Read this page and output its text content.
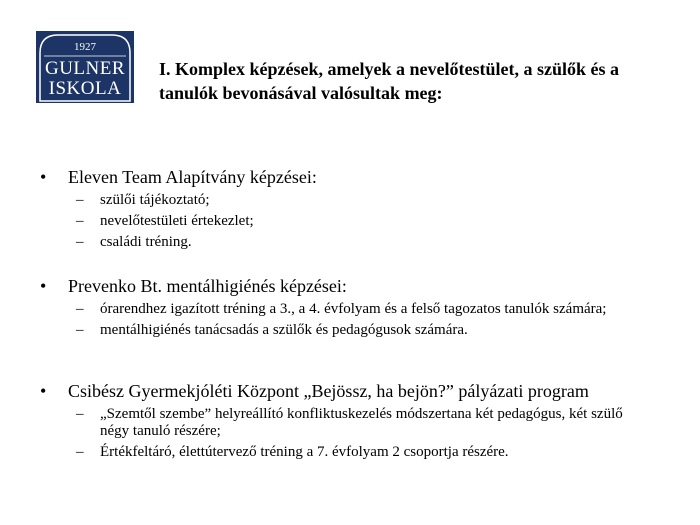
1927
GULNER
ISKOLA
I. Komplex képzések, amelyek a nevelőtestület, a szülők és a tanulók bevonásával valósultak meg:
• Eleven Team Alapítvány képzései:
– szülői tájékoztató;
– nevelőtestületi értekezlet;
– családi tréning.
• Prevenko Bt. mentálhigiénés képzései:
– órarendhez igazított tréning a 3., a 4. évfolyam és a felső tagozatos tanulók számára;
– mentálhigiénés tanácsadás a szülők és pedagógusok számára.
• Csibész Gyermekjóléti Központ „Bejössz, ha bejön?” pályázati program
– „Szemtől szembe” helyreállító konfliktuskezelés módszertana két pedagógus, két szülő négy tanuló részére;
– Értékfeltáró, élettútervező tréning a 7. évfolyam 2 csoportja részére.
